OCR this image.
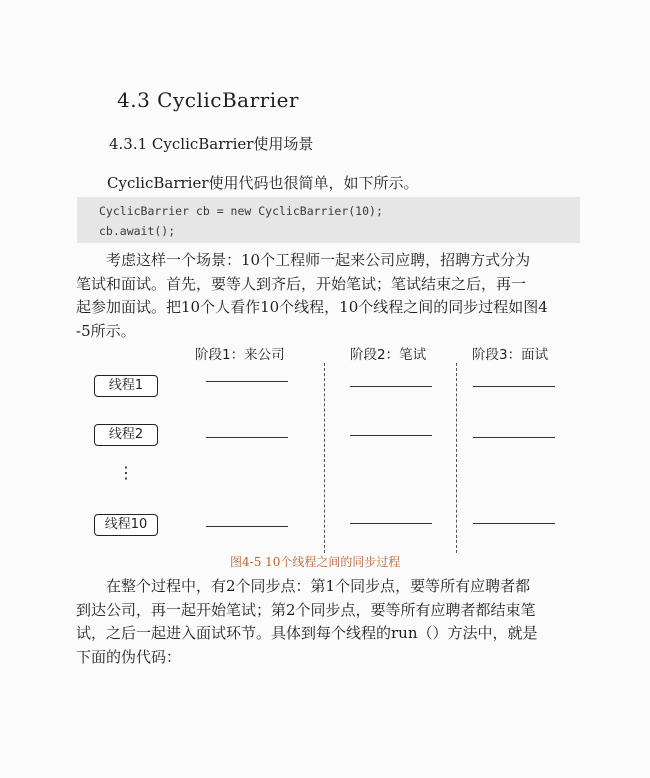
4.3 CyclicBarrier
4.3.1 CyclicBarrier使用场景
CyclicBarrier使用代码也很简单，如下所示。
CyclicBarrier cb = new CyclicBarrier(10);
cb.await();
考虑这样一个场景：10个工程师一起来公司应聘，招聘方式分为
笔试和面试。首先，要等人到齐后，开始笔试；笔试结束之后，再一
起参加面试。把10个人看作10个线程，10个线程之间的同步过程如图4
-5所示。
阶段1：来公司	阶段2：笔试	阶段3：面试
线程1
线程2
⋮
线程10
图4-5 10个线程之间的同步过程
在整个过程中，有2个同步点：第1个同步点，要等所有应聘者都
到达公司，再一起开始笔试；第2个同步点，要等所有应聘者都结束笔
试，之后一起进入面试环节。具体到每个线程的run（）方法中，就是
下面的伪代码：
